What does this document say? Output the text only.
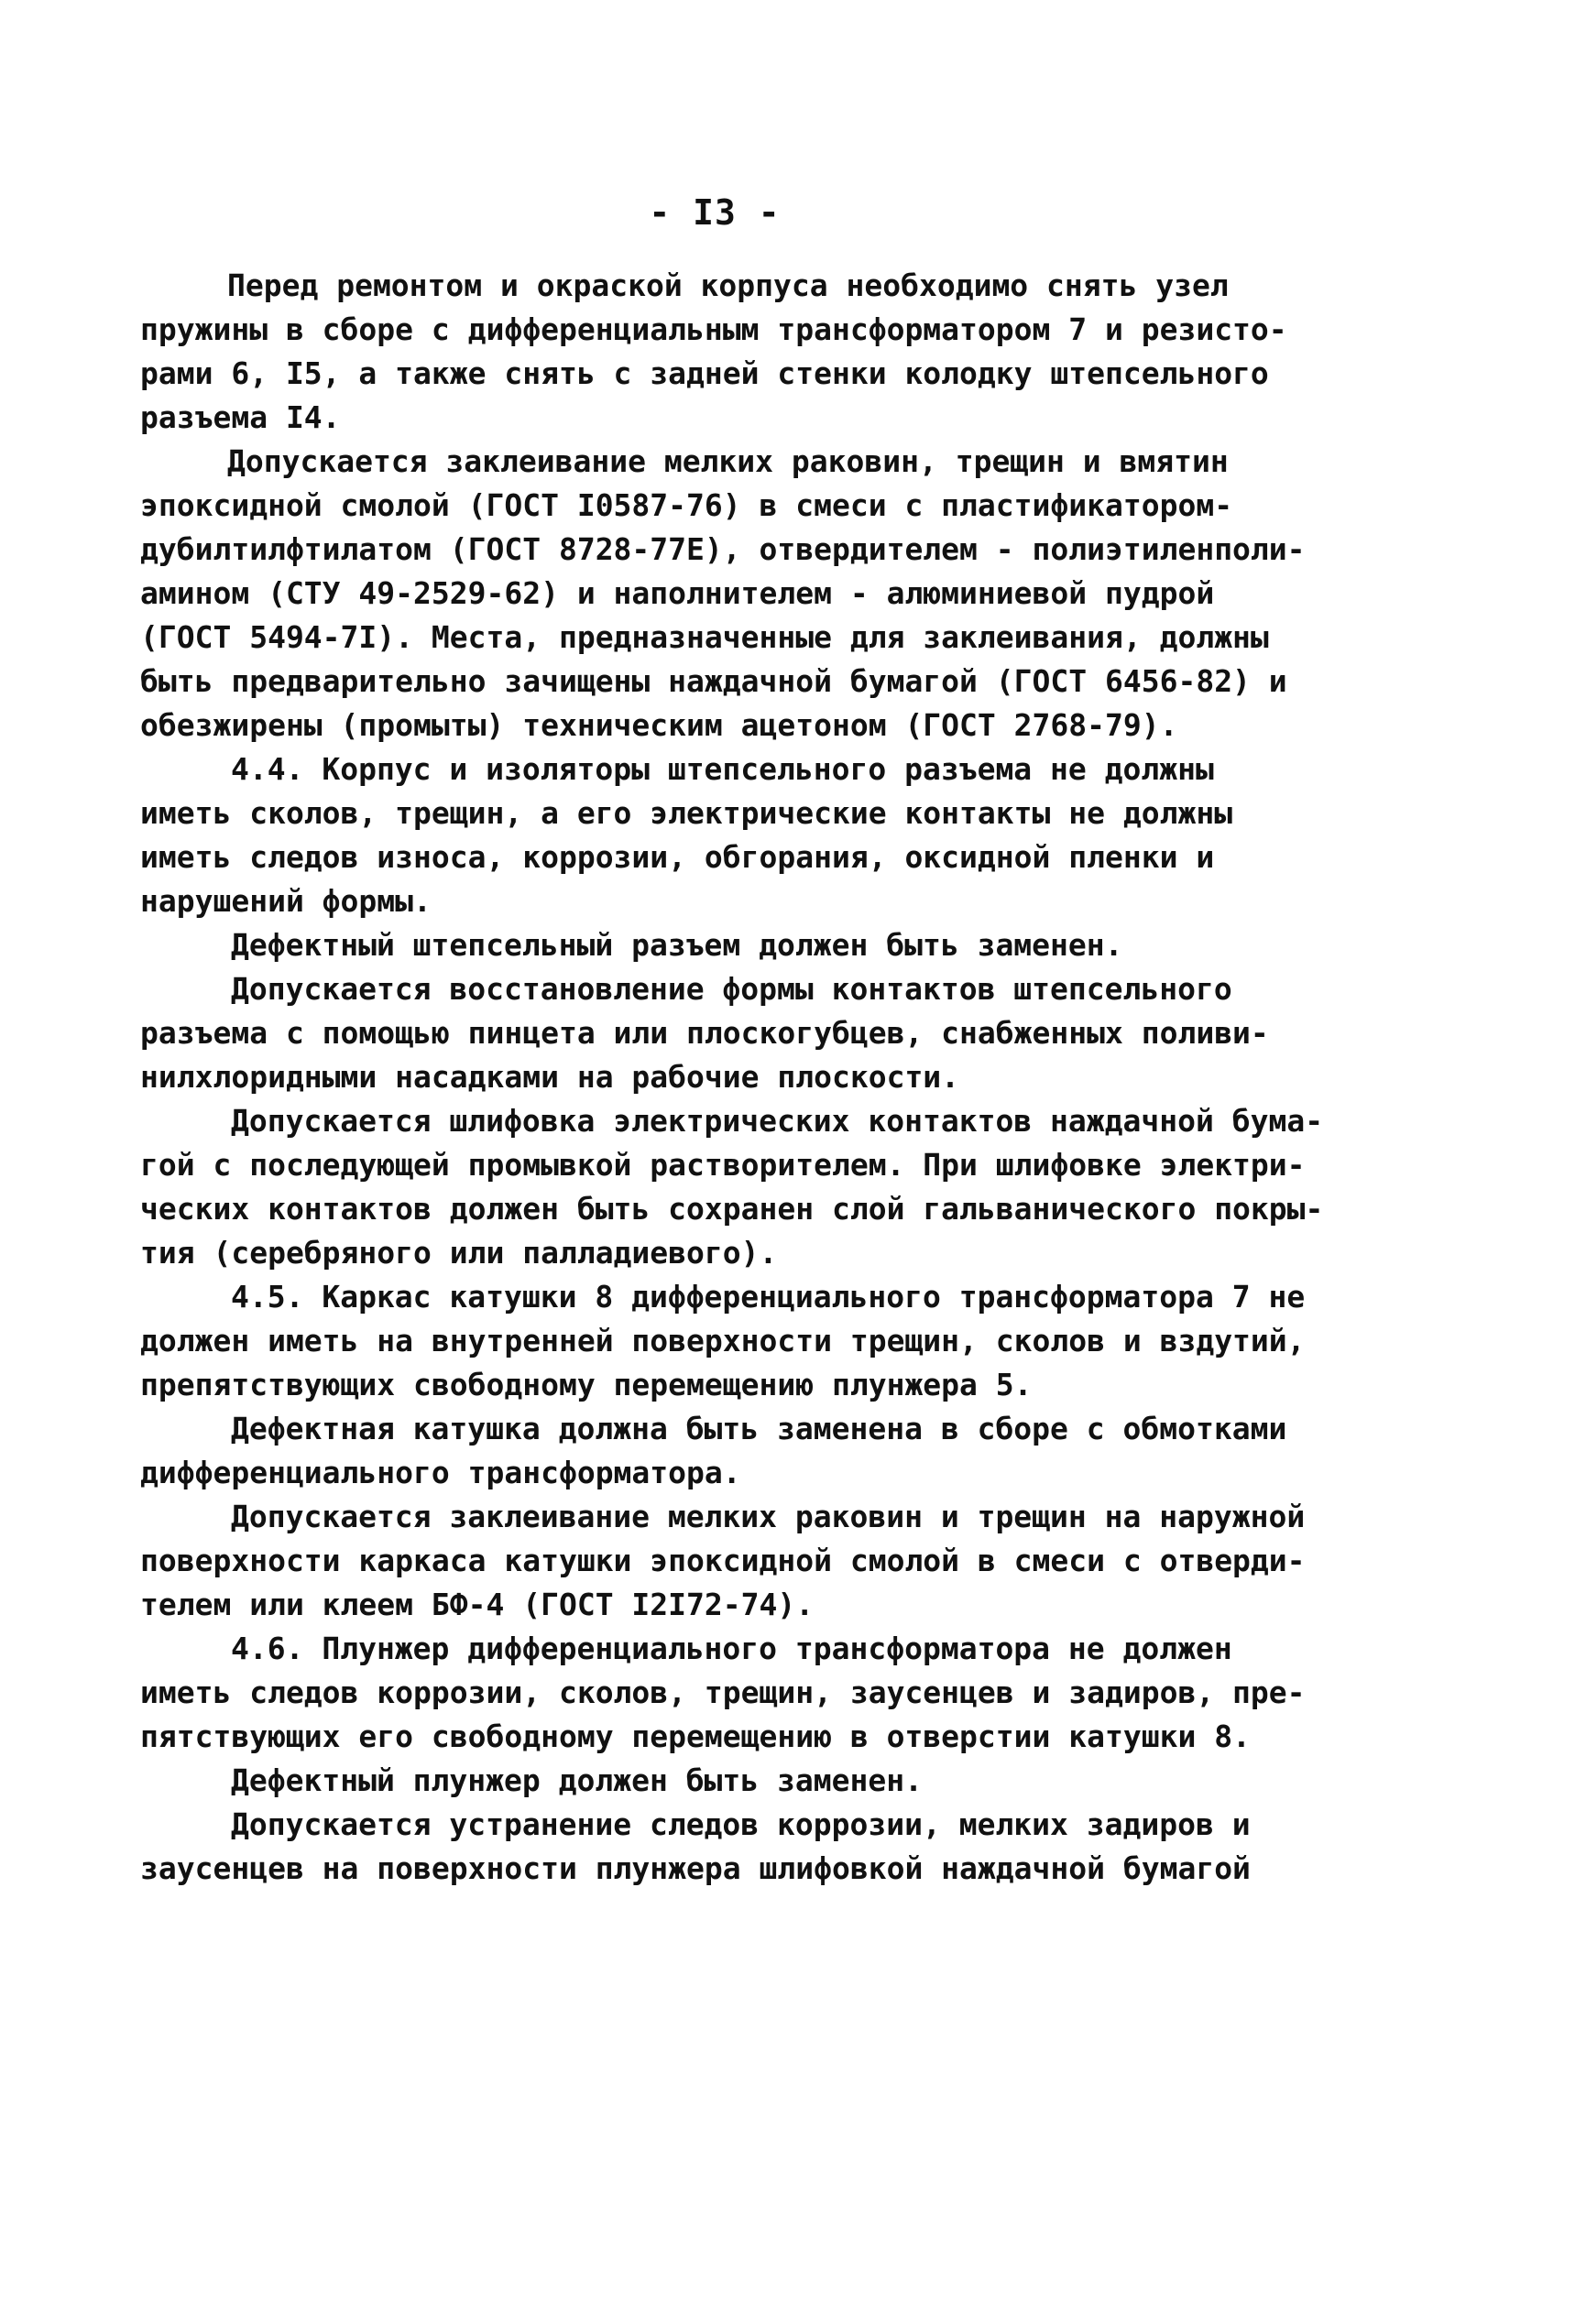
- I3 -
Перед ремонтом и окраской корпуса необходимо снять узел
пружины в сборе с дифференциальным трансформатором 7 и резисто-
рами 6, I5, а также снять с задней стенки колодку штепсельного
разъема I4.
Допускается заклеивание мелких раковин, трещин и вмятин
эпоксидной смолой (ГОСТ I0587-76) в смеси с пластификатором-
дубилтилфтилатом (ГОСТ 8728-77Е), отвердителем - полиэтиленполи-
амином (СТУ 49-2529-62) и наполнителем - алюминиевой пудрой
(ГОСТ 5494-7I). Места, предназначенные для заклеивания, должны
быть предварительно зачищены наждачной бумагой (ГОСТ 6456-82) и
обезжирены (промыты) техническим ацетоном (ГОСТ 2768-79).
4.4. Корпус и изоляторы штепсельного разъема не должны
иметь сколов, трещин, а его электрические контакты не должны
иметь следов износа, коррозии, обгорания, оксидной пленки и
нарушений формы.
Дефектный штепсельный разъем должен быть заменен.
Допускается восстановление формы контактов штепсельного
разъема с помощью пинцета или плоскогубцев, снабженных поливи-
нилхлоридными насадками на рабочие плоскости.
Допускается шлифовка электрических контактов наждачной бума-
гой с последующей промывкой растворителем. При шлифовке электри-
ческих контактов должен быть сохранен слой гальванического покры-
тия (серебряного или палладиевого).
4.5. Каркас катушки 8 дифференциального трансформатора 7 не
должен иметь на внутренней поверхности трещин, сколов и вздутий,
препятствующих свободному перемещению плунжера 5.
Дефектная катушка должна быть заменена в сборе с обмотками
дифференциального трансформатора.
Допускается заклеивание мелких раковин и трещин на наружной
поверхности каркаса катушки эпоксидной смолой в смеси с отверди-
телем или клеем БФ-4 (ГОСТ I2I72-74).
4.6. Плунжер дифференциального трансформатора не должен
иметь следов коррозии, сколов, трещин, заусенцев и задиров, пре-
пятствующих его свободному перемещению в отверстии катушки 8.
Дефектный плунжер должен быть заменен.
Допускается устранение следов коррозии, мелких задиров и
заусенцев на поверхности плунжера шлифовкой наждачной бумагой
